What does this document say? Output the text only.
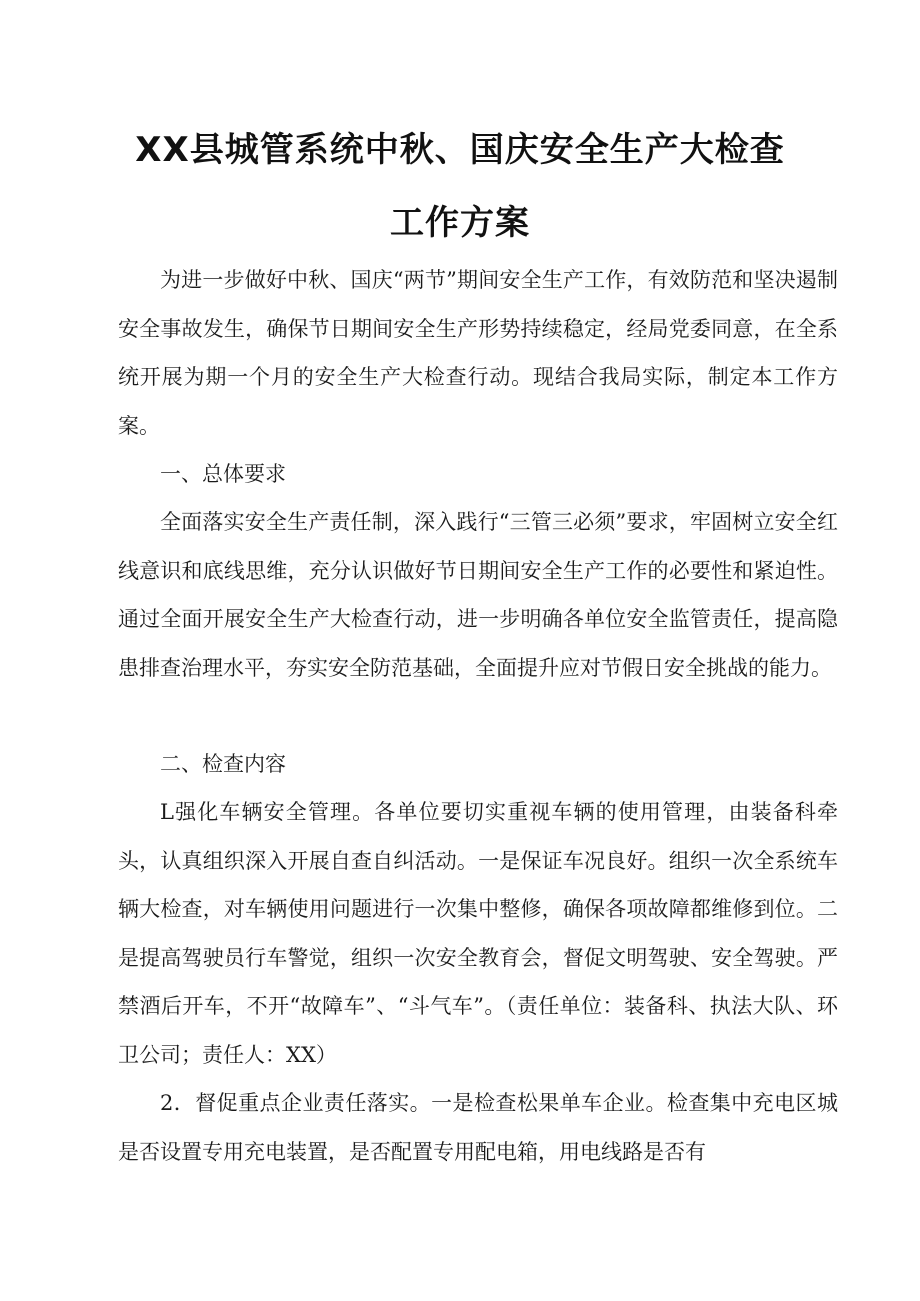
XX县城管系统中秋、国庆安全生产大检查
工作方案

为进一步做好中秋、国庆“两节”期间安全生产工作，有效防范和坚决遏制安全事故发生，确保节日期间安全生产形势持续稳定，经局党委同意，在全系统开展为期一个月的安全生产大检查行动。现结合我局实际，制定本工作方案。

一、总体要求

全面落实安全生产责任制，深入践行“三管三必须”要求，牢固树立安全红线意识和底线思维，充分认识做好节日期间安全生产工作的必要性和紧迫性。通过全面开展安全生产大检查行动，进一步明确各单位安全监管责任，提高隐患排查治理水平，夯实安全防范基础，全面提升应对节假日安全挑战的能力。

二、检查内容

L强化车辆安全管理。各单位要切实重视车辆的使用管理，由装备科牵头，认真组织深入开展自查自纠活动。一是保证车况良好。组织一次全系统车辆大检查，对车辆使用问题进行一次集中整修，确保各项故障都维修到位。二是提高驾驶员行车警觉，组织一次安全教育会，督促文明驾驶、安全驾驶。严禁酒后开车，不开“故障车”、“斗气车”。（责任单位：装备科、执法大队、环卫公司；责任人：XX）

2．督促重点企业责任落实。一是检查松果单车企业。检查集中充电区城是否设置专用充电装置，是否配置专用配电箱，用电线路是否有
